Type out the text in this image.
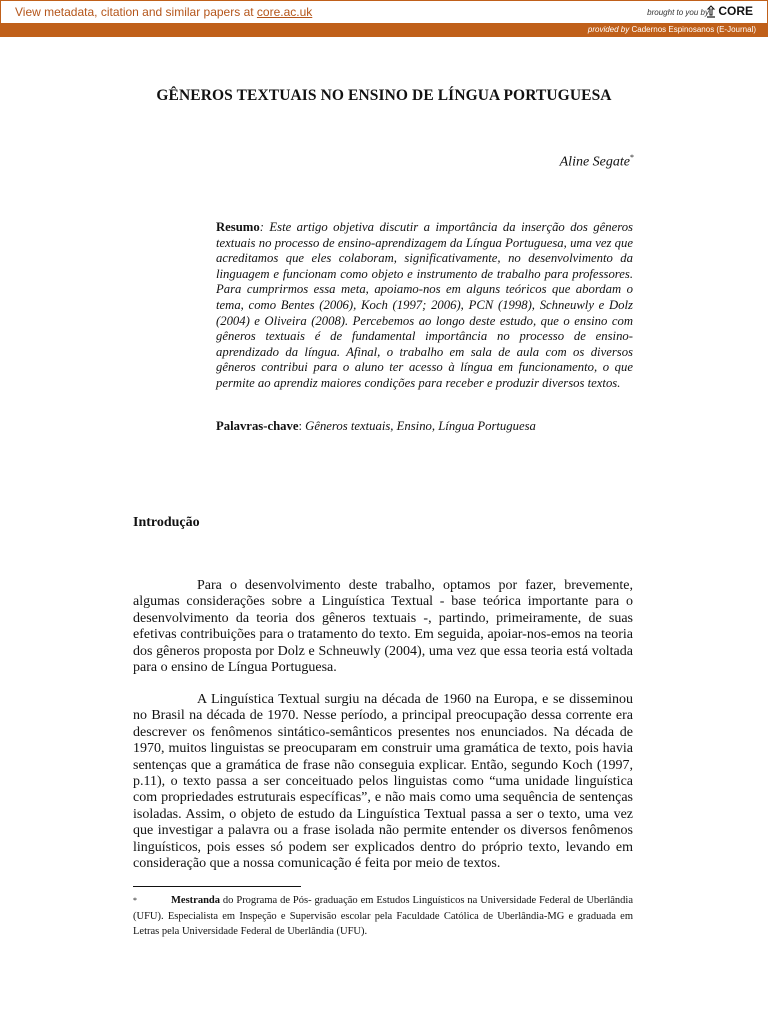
View metadata, citation and similar papers at core.ac.uk	brought to you by CORE
provided by Cadernos Espinosanos (E-Journal)
GÊNEROS TEXTUAIS NO ENSINO DE LÍNGUA PORTUGUESA
Aline Segate*
Resumo: Este artigo objetiva discutir a importância da inserção dos gêneros textuais no processo de ensino-aprendizagem da Língua Portuguesa, uma vez que acreditamos que eles colaboram, significativamente, no desenvolvimento da linguagem e funcionam como objeto e instrumento de trabalho para professores. Para cumprirmos essa meta, apoiamo-nos em alguns teóricos que abordam o tema, como Bentes (2006), Koch (1997; 2006), PCN (1998), Schneuwly e Dolz (2004) e Oliveira (2008). Percebemos ao longo deste estudo, que o ensino com gêneros textuais é de fundamental importância no processo de ensino-aprendizado da língua. Afinal, o trabalho em sala de aula com os diversos gêneros contribui para o aluno ter acesso à língua em funcionamento, o que permite ao aprendiz maiores condições para receber e produzir diversos textos.
Palavras-chave: Gêneros textuais, Ensino, Língua Portuguesa
Introdução
Para o desenvolvimento deste trabalho, optamos por fazer, brevemente, algumas considerações sobre a Linguística Textual - base teórica importante para o desenvolvimento da teoria dos gêneros textuais -, partindo, primeiramente, de suas efetivas contribuições para o tratamento do texto. Em seguida, apoiar-nos-emos na teoria dos gêneros proposta por Dolz e Schneuwly (2004), uma vez que essa teoria está voltada para o ensino de Língua Portuguesa.
A Linguística Textual surgiu na década de 1960 na Europa, e se disseminou no Brasil na década de 1970. Nesse período, a principal preocupação dessa corrente era descrever os fenômenos sintático-semânticos presentes nos enunciados. Na década de 1970, muitos linguistas se preocuparam em construir uma gramática de texto, pois havia sentenças que a gramática de frase não conseguia explicar. Então, segundo Koch (1997, p.11), o texto passa a ser conceituado pelos linguistas como “uma unidade linguística com propriedades estruturais específicas”, e não mais como uma sequência de sentenças isoladas. Assim, o objeto de estudo da Linguística Textual passa a ser o texto, uma vez que investigar a palavra ou a frase isolada não permite entender os diversos fenômenos linguísticos, pois esses só podem ser explicados dentro do próprio texto, levando em consideração que a nossa comunicação é feita por meio de textos.
*	Mestranda do Programa de Pós- graduação em Estudos Linguísticos na Universidade Federal de Uberlândia (UFU). Especialista em Inspeção e Supervisão escolar pela Faculdade Católica de Uberlândia-MG e graduada em Letras pela Universidade Federal de Uberlândia (UFU).
